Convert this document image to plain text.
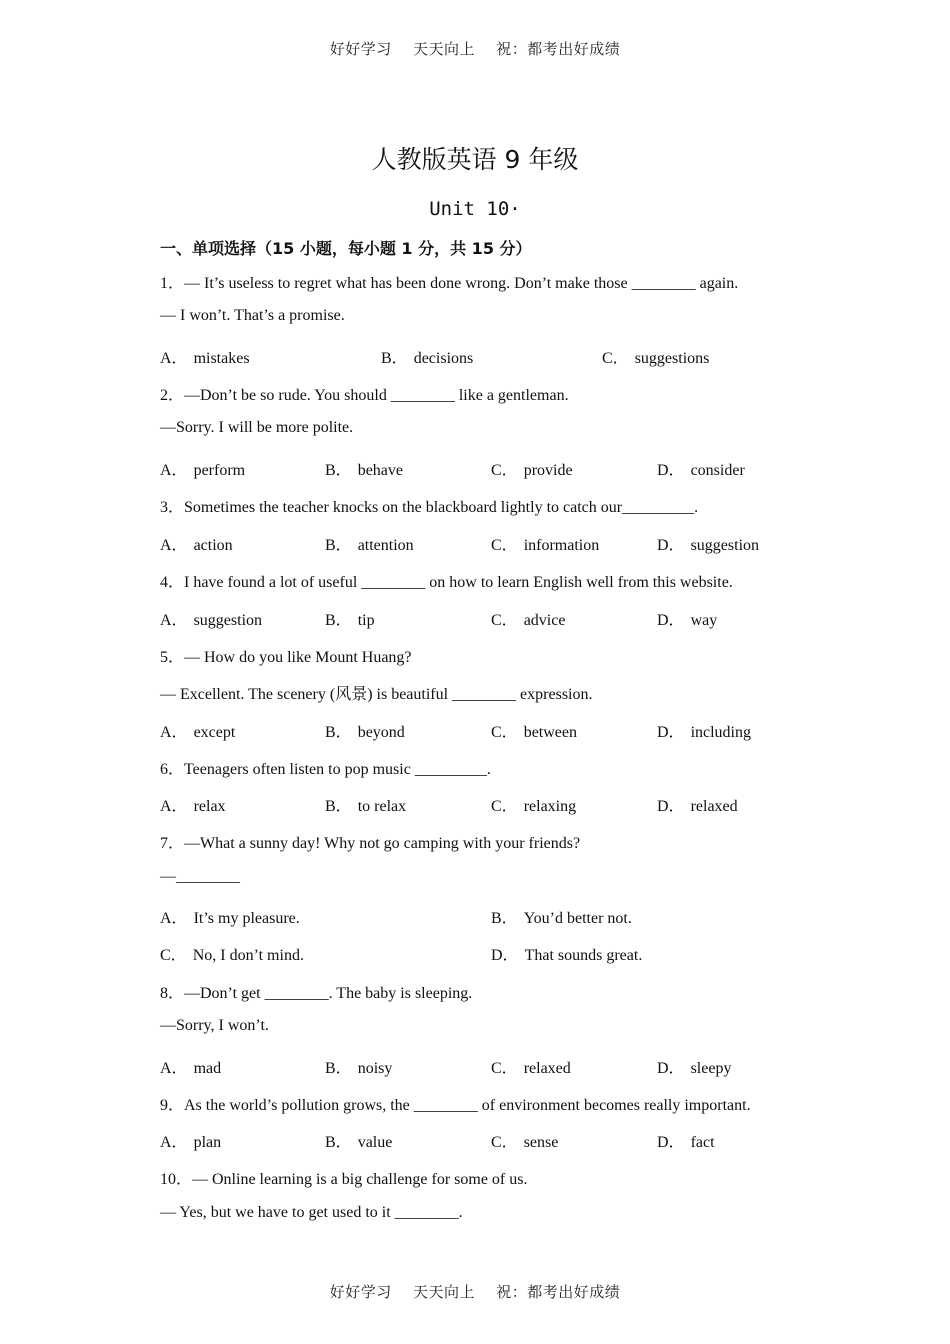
好好学习 天天向上 祝：都考出好成绩
人教版英语 9 年级
Unit 10·
一、单项选择（15 小题，每小题 1 分，共 15 分）
1．— It’s useless to regret what has been done wrong. Don’t make those ________ again.
— I won’t. That’s a promise.
A． mistakes	B． decisions	C． suggestions
2．—Don’t be so rude. You should ________ like a gentleman.
—Sorry. I will be more polite.
A． perform	B． behave	C． provide	D． consider
3．Sometimes the teacher knocks on the blackboard lightly to catch our_________.
A． action	B． attention	C． information	D． suggestion
4．I have found a lot of useful ________ on how to learn English well from this website.
A． suggestion	B． tip	C． advice	D． way
5．— How do you like Mount Huang?
— Excellent. The scenery (风景) is beautiful ________ expression.
A． except	B． beyond	C． between	D． including
6．Teenagers often listen to pop music _________.
A． relax	B． to relax	C． relaxing	D． relaxed
7．—What a sunny day! Why not go camping with your friends?
—________
A． It’s my pleasure.	B． You’d better not.
C． No, I don’t mind.	D． That sounds great.
8．—Don’t get ________. The baby is sleeping.
—Sorry, I won’t.
A． mad	B． noisy	C． relaxed	D． sleepy
9．As the world’s pollution grows, the ________ of environment becomes really important.
A． plan	B． value	C． sense	D． fact
10．— Online learning is a big challenge for some of us.
— Yes, but we have to get used to it ________.
好好学习 天天向上 祝：都考出好成绩
